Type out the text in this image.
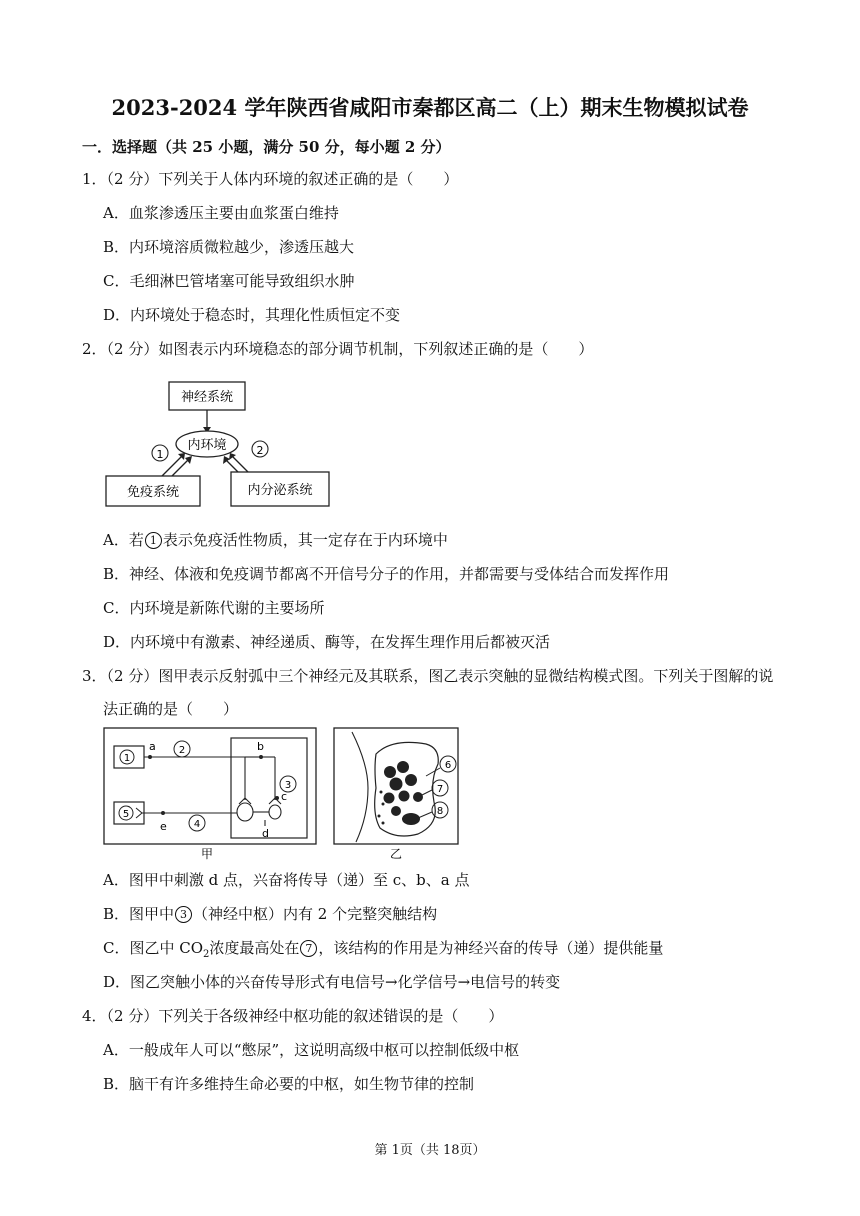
2023-2024 学年陕西省咸阳市秦都区高二（上）期末生物模拟试卷
一．选择题（共 25 小题，满分 50 分，每小题 2 分）
1．（2 分）下列关于人体内环境的叙述正确的是（　　）
A．血浆渗透压主要由血浆蛋白维持
B．内环境溶质微粒越少，渗透压越大
C．毛细淋巴管堵塞可能导致组织水肿
D．内环境处于稳态时，其理化性质恒定不变
2．（2 分）如图表示内环境稳态的部分调节机制，下列叙述正确的是（　　）
神经系统
内环境
1	2
免疫系统	内分泌系统
A．若 1 表示免疫活性物质，其一定存在于内环境中
B．神经、体液和免疫调节都离不开信号分子的作用，并都需要与受体结合而发挥作用
C．内环境是新陈代谢的主要场所
D．内环境中有激素、神经递质、酶等，在发挥生理作用后都被灭活
3．（2 分）图甲表示反射弧中三个神经元及其联系，图乙表示突触的显微结构模式图。下列关于图解的说
法正确的是（　　）
1
a 2	b
3
c
d
5
e	4
甲
6
7
8
乙
A．图甲中刺激 d 点，兴奋将传导（递）至 c、b、a 点
B．图甲中 3 （神经中枢）内有 2 个完整突触结构
C．图乙中 $CO_2$浓度最高处在 7 ，该结构的作用是为神经兴奋的传导（递）提供能量
D．图乙突触小体的兴奋传导形式有电信号→化学信号→电信号的转变
4．（2 分）下列关于各级神经中枢功能的叙述错误的是（　　）
A．一般成年人可以“憋尿”，这说明高级中枢可以控制低级中枢
B．脑干有许多维持生命必要的中枢，如生物节律的控制
第 1页（共 18页）
